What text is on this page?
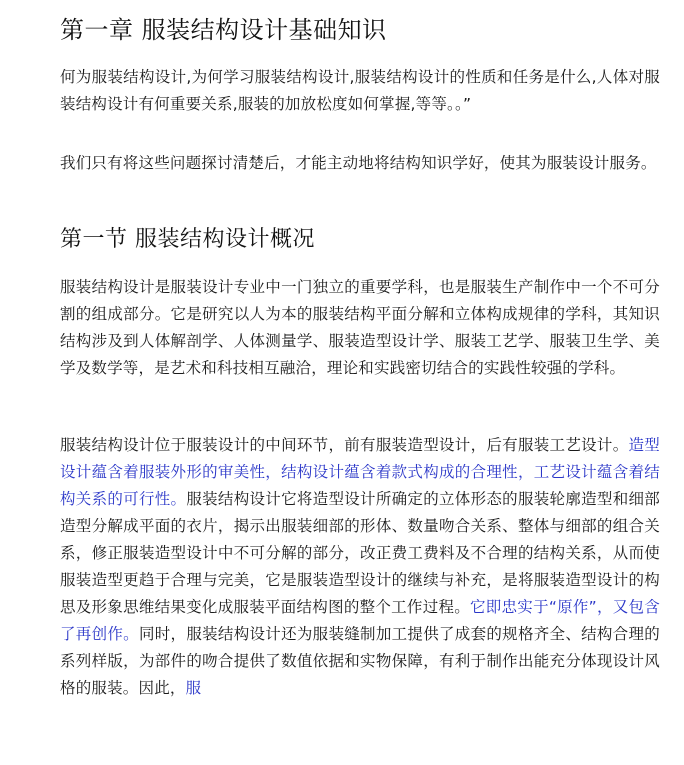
第一章 服装结构设计基础知识

何为服装结构设计,为何学习服装结构设计,服装结构设计的性质和任务是什么,人体对服装结构设计有何重要关系,服装的加放松度如何掌握,等等。。”

我们只有将这些问题探讨清楚后，才能主动地将结构知识学好，使其为服装设计服务。

第一节 服装结构设计概况

服装结构设计是服装设计专业中一门独立的重要学科，也是服装生产制作中一个不可分割的组成部分。它是研究以人为本的服装结构平面分解和立体构成规律的学科，其知识结构涉及到人体解剖学、人体测量学、服装造型设计学、服装工艺学、服装卫生学、美学及数学等，是艺术和科技相互融洽，理论和实践密切结合的实践性较强的学科。

服装结构设计位于服装设计的中间环节，前有服装造型设计，后有服装工艺设计。造型设计蕴含着服装外形的审美性，结构设计蕴含着款式构成的合理性，工艺设计蕴含着结构关系的可行性。服装结构设计它将造型设计所确定的立体形态的服装轮廓造型和细部造型分解成平面的衣片，揭示出服装细部的形体、数量吻合关系、整体与细部的组合关系，修正服装造型设计中不可分解的部分，改正费工费料及不合理的结构关系，从而使服装造型更趋于合理与完美，它是服装造型设计的继续与补充，是将服装造型设计的构思及形象思维结果变化成服装平面结构图的整个工作过程。它即忠实于“原作”，又包含了再创作。同时，服装结构设计还为服装缝制加工提供了成套的规格齐全、结构合理的系列样版，为部件的吻合提供了数值依据和实物保障，有利于制作出能充分体现设计风格的服装。因此，服
